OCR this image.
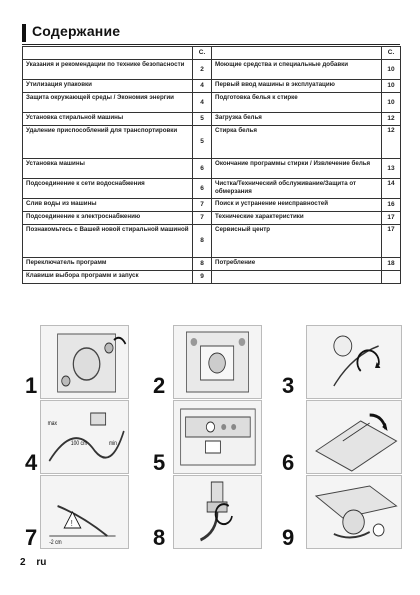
Содержание
	С.		С.
Указания и рекомендации по технике безопасности	2	Моющие средства и специальные добавки	10
Утилизация упаковки	4	Первый ввод машины в эксплуатацию	10
Защита окружающей среды / Экономия энергии	4	Подготовка белья к стирке	10
Установка стиральной машины	5	Загрузка белья	12
Удаление приспособлений для транспортировки	5	Стирка белья	12
Установка машины	6	Окончание программы стирки / Извлечение белья	13
Подсоединение к сети водоснабжения	6	Чистка/Технический обслуживание/Защита от обмерзания	14
Слив воды из машины	7	Поиск и устранение неисправностей	16
Подсоединение к электроснабжению	7	Технические характеристики	17
Познакомьтесь с Вашей новой стиральной машиной	8	Сервисный центр	17
Переключатель программ	8	Потребление	18
Клавиши выбора программ и запуск	9		
1	2	3
max
100 cm	min
4	5	6
!
-2 cm
7	8	9
2 ru
